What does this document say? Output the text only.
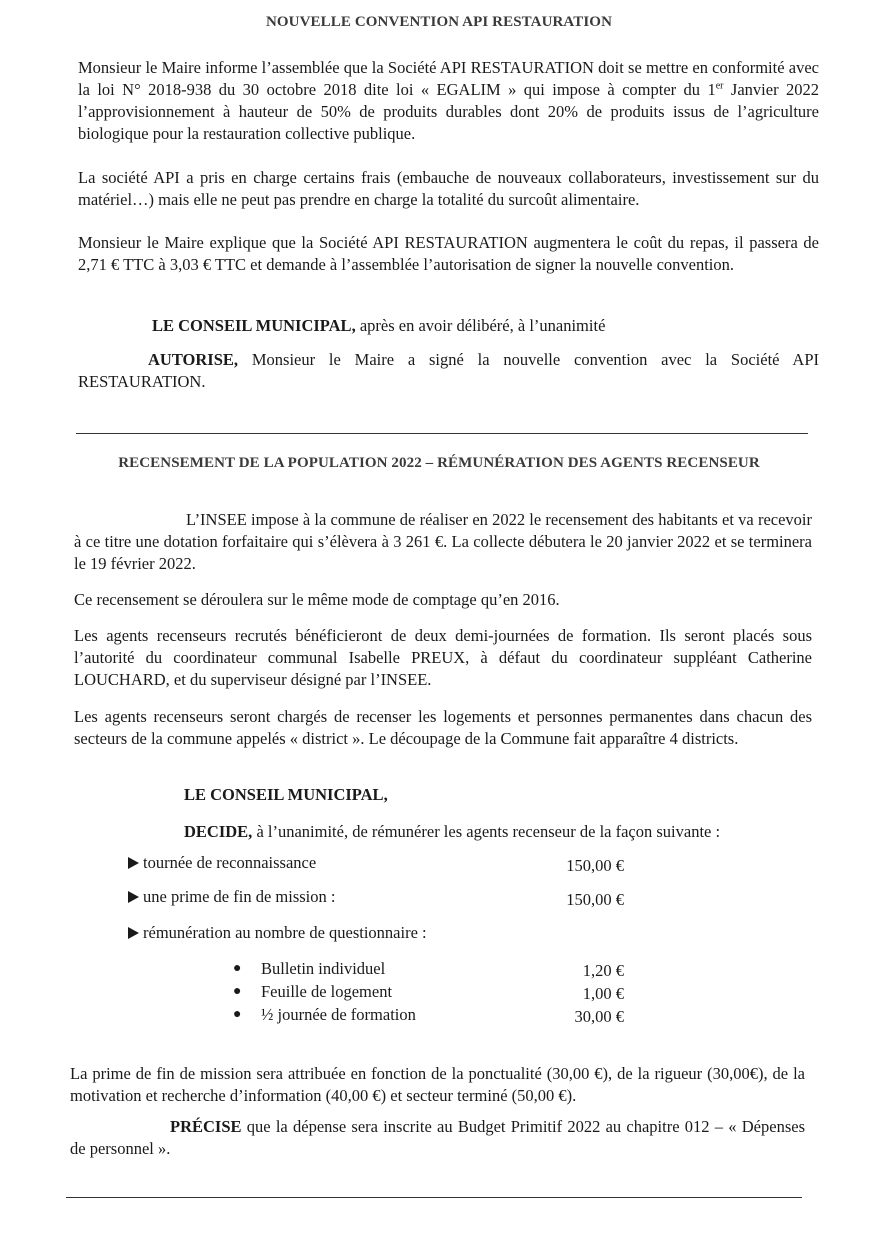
NOUVELLE CONVENTION API RESTAURATION

Monsieur le Maire informe l’assemblée que la Société API RESTAURATION doit se mettre en conformité avec la loi N° 2018-938 du 30 octobre 2018 dite loi « EGALIM » qui impose à compter du 1er Janvier 2022 l’approvisionnement à hauteur de 50% de produits durables dont 20% de produits issus de l’agriculture biologique pour la restauration collective publique.

La société API a pris en charge certains frais (embauche de nouveaux collaborateurs, investissement sur du matériel…) mais elle ne peut pas prendre en charge la totalité du surcoût alimentaire.

Monsieur le Maire explique que la Société API RESTAURATION augmentera le coût du repas, il passera de 2,71 € TTC à 3,03 € TTC et demande à l’assemblée l’autorisation de signer la nouvelle convention.

LE CONSEIL MUNICIPAL, après en avoir délibéré, à l’unanimité

AUTORISE, Monsieur le Maire a signé la nouvelle convention avec la Société API RESTAURATION.

RECENSEMENT DE LA POPULATION 2022 – RÉMUNÉRATION DES AGENTS RECENSEUR

L’INSEE impose à la commune de réaliser en 2022 le recensement des habitants et va recevoir à ce titre une dotation forfaitaire qui s’élèvera à 3 261 €. La collecte débutera le 20 janvier 2022 et se terminera le 19 février 2022.

Ce recensement se déroulera sur le même mode de comptage qu’en 2016.

Les agents recenseurs recrutés bénéficieront de deux demi-journées de formation. Ils seront placés sous l’autorité du coordinateur communal Isabelle PREUX, à défaut du coordinateur suppléant Catherine LOUCHARD, et du superviseur désigné par l’INSEE.

Les agents recenseurs seront chargés de recenser les logements et personnes permanentes dans chacun des secteurs de la commune appelés « district ». Le découpage de la Commune fait apparaître 4 districts.

LE CONSEIL MUNICIPAL,

DECIDE, à l’unanimité, de rémunérer les agents recenseur de la façon suivante :

tournée de reconnaissance	150,00 €
une prime de fin de mission :	150,00 €
rémunération au nombre de questionnaire :
● Bulletin individuel	1,20 €
● Feuille de logement	1,00 €
● ½ journée de formation	30,00 €

La prime de fin de mission sera attribuée en fonction de la ponctualité (30,00 €), de la rigueur (30,00€), de la motivation et recherche d’information (40,00 €) et secteur terminé (50,00 €).

PRÉCISE que la dépense sera inscrite au Budget Primitif 2022 au chapitre 012 – « Dépenses de personnel ».
